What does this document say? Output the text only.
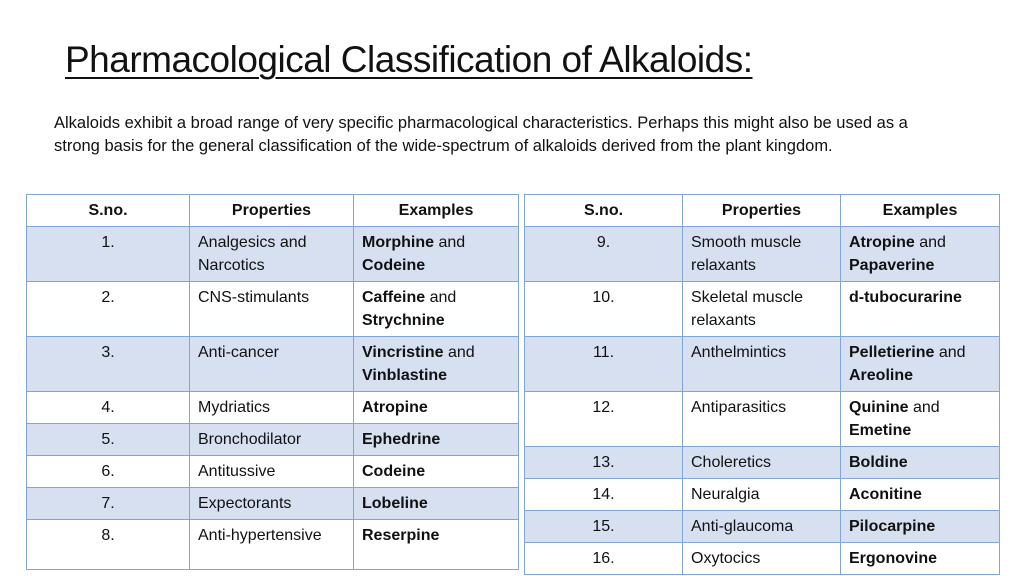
Pharmacological Classification of Alkaloids:
Alkaloids exhibit a broad range of very specific pharmacological characteristics. Perhaps this might also be used as a strong basis for the general classification of the wide-spectrum of alkaloids derived from the plant kingdom.
S.no.	Properties	Examples
1.	Analgesics and Narcotics	Morphine and Codeine
2.	CNS-stimulants	Caffeine and Strychnine
3.	Anti-cancer	Vincristine and Vinblastine
4.	Mydriatics	Atropine
5.	Bronchodilator	Ephedrine
6.	Antitussive	Codeine
7.	Expectorants	Lobeline
8.	Anti-hypertensive	Reserpine
S.no.	Properties	Examples
9.	Smooth muscle relaxants	Atropine and Papaverine
10.	Skeletal muscle relaxants	d-tubocurarine
11.	Anthelmintics	Pelletierine and Areoline
12.	Antiparasitics	Quinine and Emetine
13.	Choleretics	Boldine
14.	Neuralgia	Aconitine
15.	Anti-glaucoma	Pilocarpine
16.	Oxytocics	Ergonovine
